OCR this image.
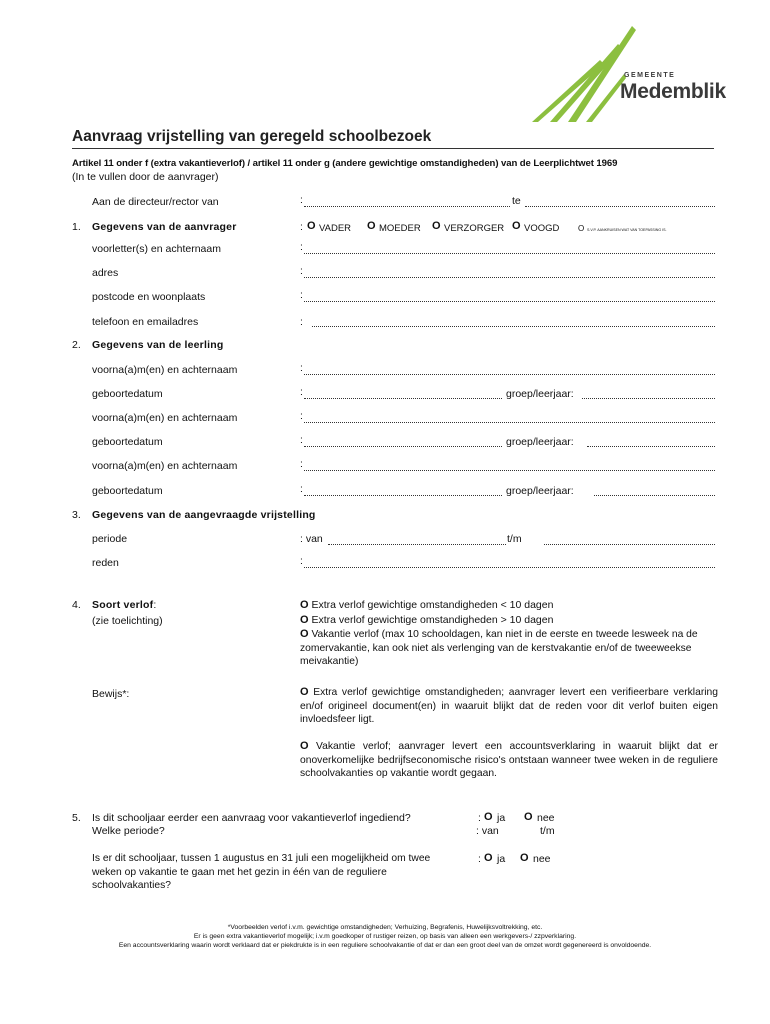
GEMEENTE
Medemblik
Aanvraag vrijstelling van geregeld schoolbezoek
Artikel 11 onder f (extra vakantieverlof) / artikel 11 onder g (andere gewichtige omstandigheden) van de Leerplichtwet 1969
(In te vullen door de aanvrager)
Aan de directeur/rector van	:	te
1. Gegevens van de aanvrager	: O VADER O MOEDER O VERZORGER O VOOGD O S.V.P. AANKRUISEN WAT VAN TOEPASSING IS.
voorletter(s) en achternaam	:
adres	:
postcode en woonplaats	:
telefoon en emailadres	:
2. Gegevens van de leerling
voorna(a)m(en) en achternaam	:
geboortedatum	:	groep/leerjaar:
voorna(a)m(en) en achternaam	:
geboortedatum	:	groep/leerjaar:
voorna(a)m(en) en achternaam	:
geboortedatum	:	groep/leerjaar:
3. Gegevens van de aangevraagde vrijstelling
periode	: van	t/m
reden	:
4. Soort verlof:
(zie toelichting)
O Extra verlof gewichtige omstandigheden < 10 dagen
O Extra verlof gewichtige omstandigheden > 10 dagen
O Vakantie verlof (max 10 schooldagen, kan niet in de eerste en tweede lesweek na de zomervakantie, kan ook niet als verlenging van de kerstvakantie en/of de tweeweekse meivakantie)
Bewijs*:	O Extra verlof gewichtige omstandigheden; aanvrager levert een verifieerbare verklaring en/of origineel document(en) in waaruit blijkt dat de reden voor dit verlof buiten eigen invloedsfeer ligt.
O Vakantie verlof; aanvrager levert een accountsverklaring in waaruit blijkt dat er onoverkomelijke bedrijfseconomische risico's ontstaan wanneer twee weken in de reguliere schoolvakanties op vakantie wordt gegaan.
5. Is dit schooljaar eerder een aanvraag voor vakantieverlof ingediend?
Welke periode?
: O ja O nee
: van	t/m
Is er dit schooljaar, tussen 1 augustus en 31 juli een mogelijkheid om twee weken op vakantie te gaan met het gezin in één van de reguliere schoolvakanties?
: O ja O nee
*Voorbeelden verlof i.v.m. gewichtige omstandigheden; Verhuizing, Begrafenis, Huwelijksvoltrekking, etc.
Er is geen extra vakantieverlof mogelijk; i.v.m goedkoper of rustiger reizen, op basis van alleen een werkgevers-/ zzpverklaring.
Een accountsverklaring waarin wordt verklaard dat er piekdrukte is in een reguliere schoolvakantie of dat er dan een groot deel van de omzet wordt gegenereerd is onvoldoende.
